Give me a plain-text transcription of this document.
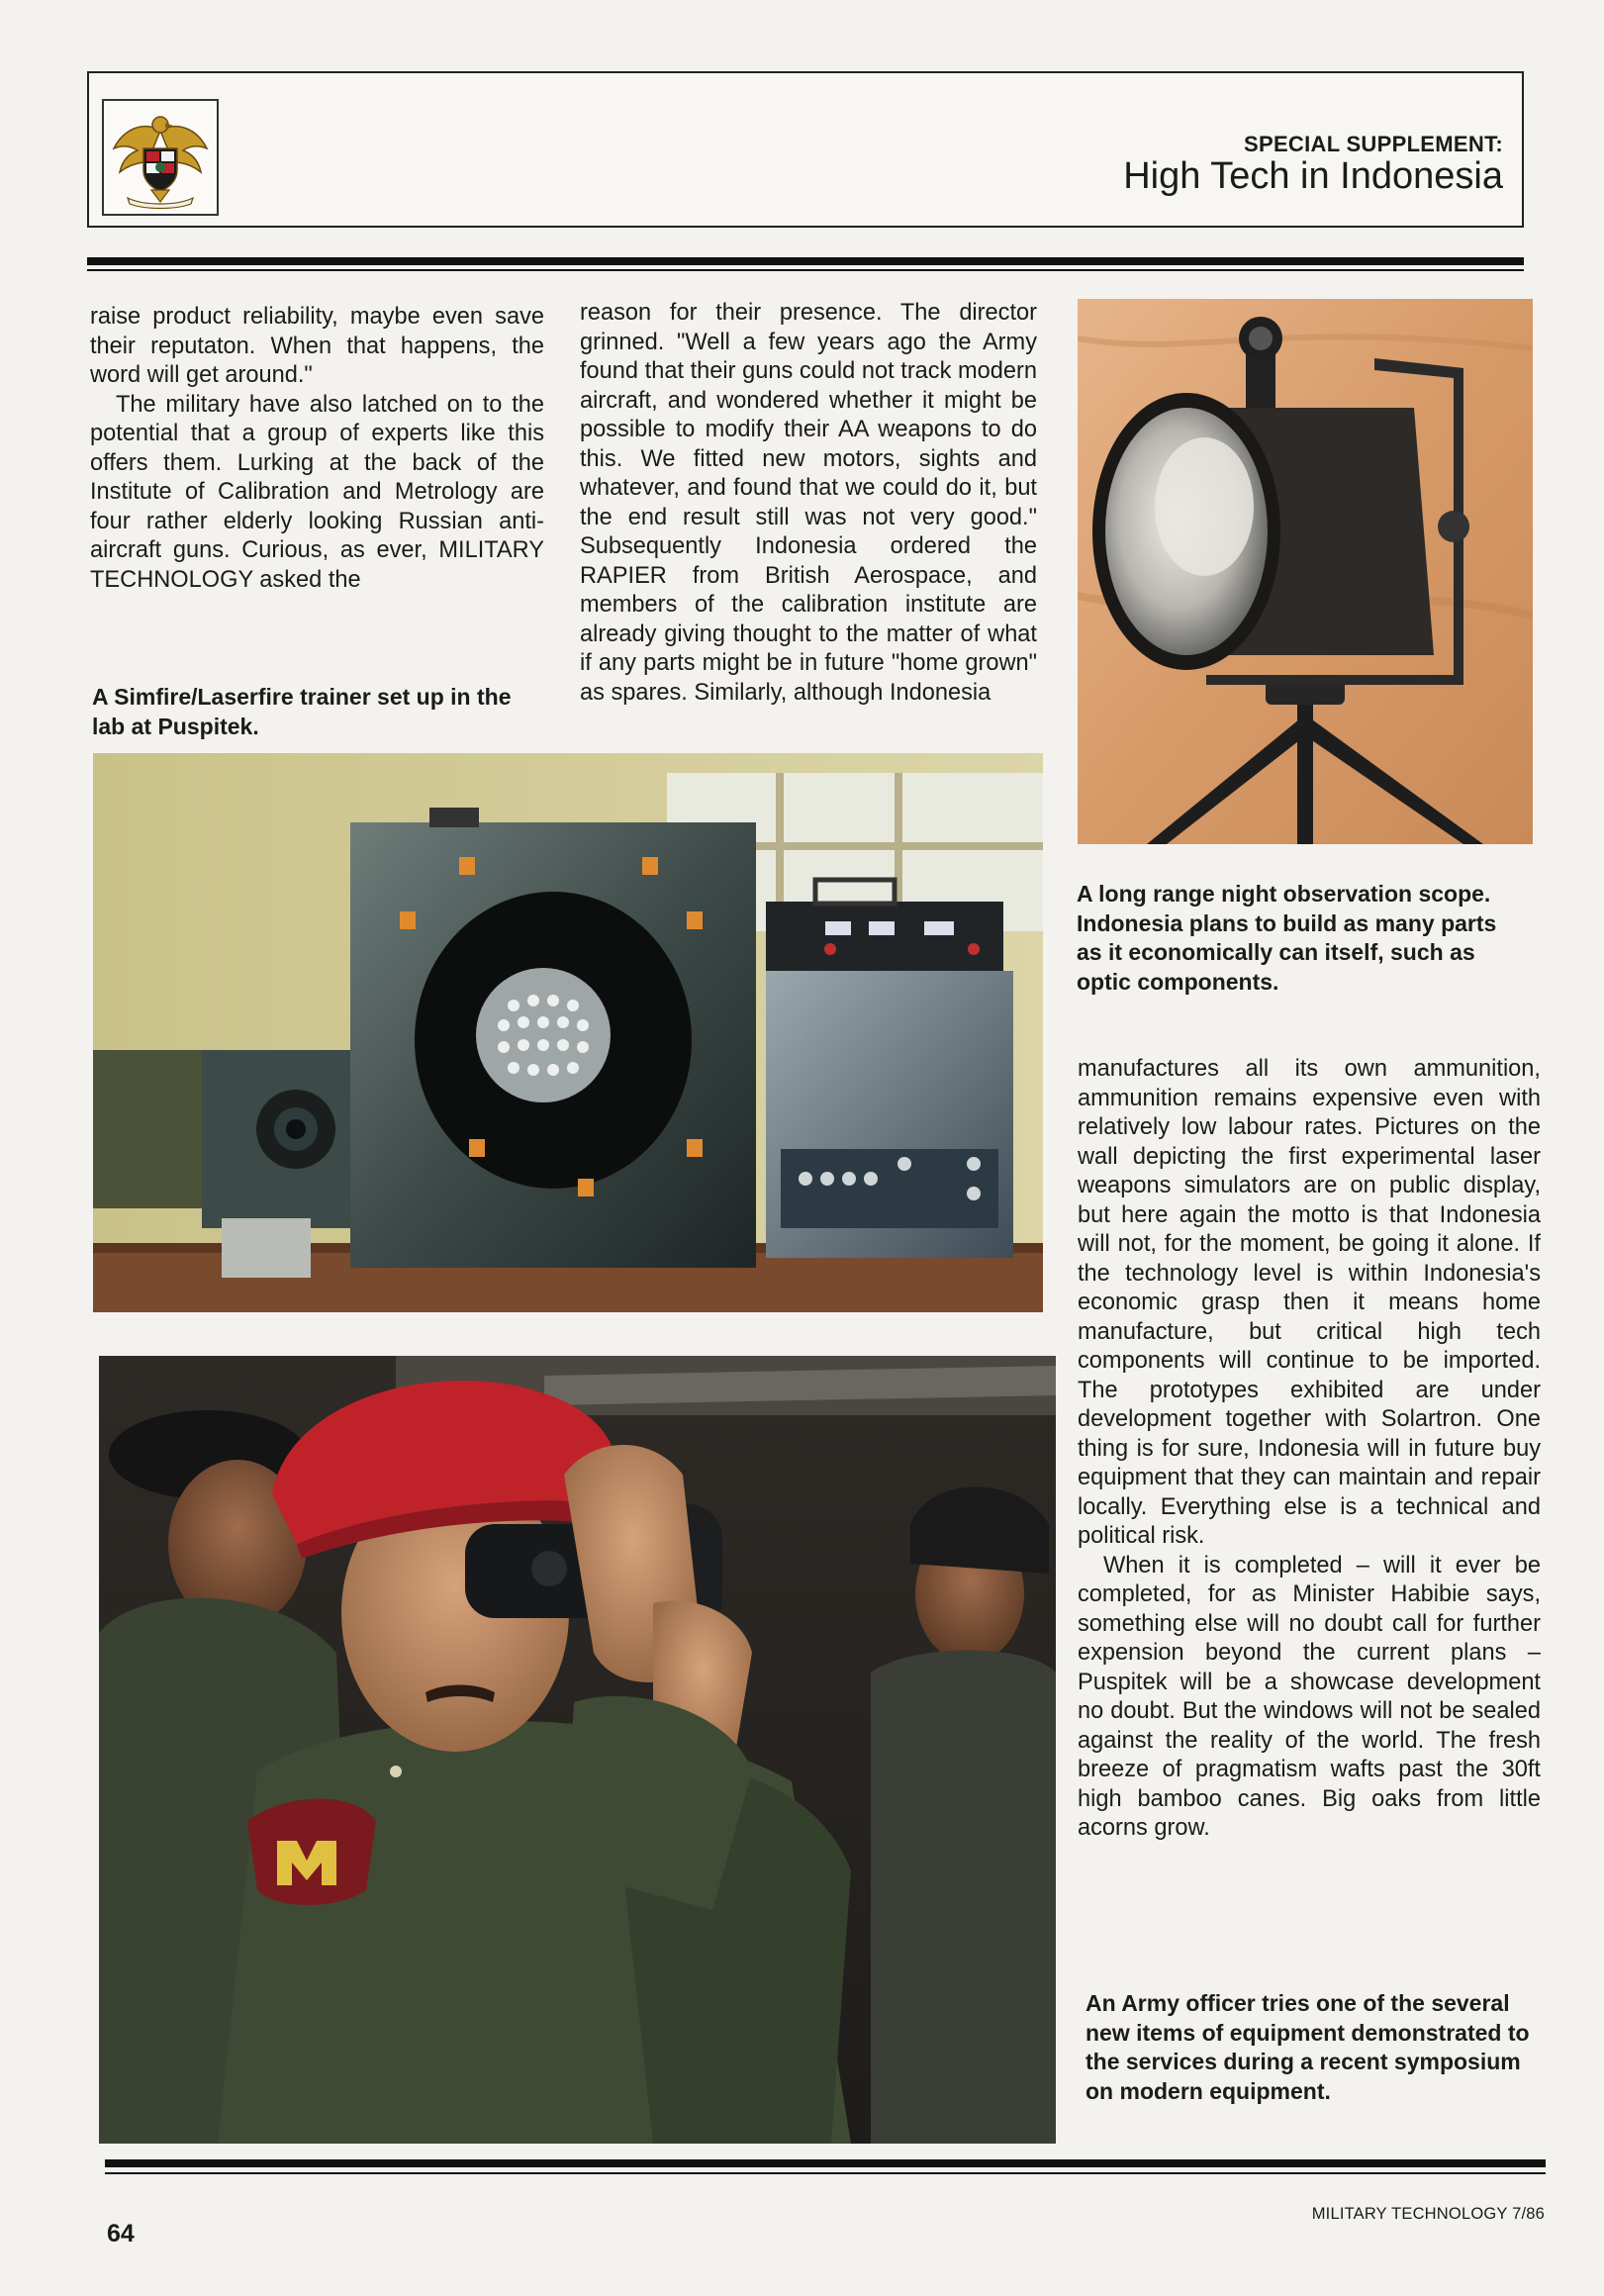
SPECIAL SUPPLEMENT:
High Tech in Indonesia

raise product reliability, maybe even save their reputaton. When that happens, the word will get around."

The military have also latched on to the potential that a group of experts like this offers them. Lurking at the back of the Institute of Calibration and Metrology are four rather elderly looking Russian anti-aircraft guns. Curious, as ever, MILITARY TECHNOLOGY asked the

A Simfire/Laserfire trainer set up in the lab at Puspitek.

reason for their presence. The director grinned. "Well a few years ago the Army found that their guns could not track modern aircraft, and wondered whether it might be possible to modify their AA weapons to do this. We fitted new motors, sights and whatever, and found that we could do it, but the end result still was not very good." Subsequently Indonesia ordered the RAPIER from British Aerospace, and members of the calibration institute are already giving thought to the matter of what if any parts might be in future "home grown" as spares. Similarly, although Indonesia

A long range night observation scope. Indonesia plans to build as many parts as it economically can itself, such as optic components.

manufactures all its own ammunition, ammunition remains expensive even with relatively low labour rates. Pictures on the wall depicting the first experimental laser weapons simulators are on public display, but here again the motto is that Indonesia will not, for the moment, be going it alone. If the technology level is within Indonesia's economic grasp then it means home manufacture, but critical high tech components will continue to be imported. The prototypes exhibited are under development together with Solartron. One thing is for sure, Indonesia will in future buy equipment that they can maintain and repair locally. Everything else is a technical and political risk.

When it is completed – will it ever be completed, for as Minister Habibie says, something else will no doubt call for further expension beyond the current plans – Puspitek will be a showcase development no doubt. But the windows will not be sealed against the reality of the world. The fresh breeze of pragmatism wafts past the 30ft high bamboo canes. Big oaks from little acorns grow.

An Army officer tries one of the several new items of equipment demonstrated to the services during a recent symposium on modern equipment.
64
MILITARY TECHNOLOGY 7/86
